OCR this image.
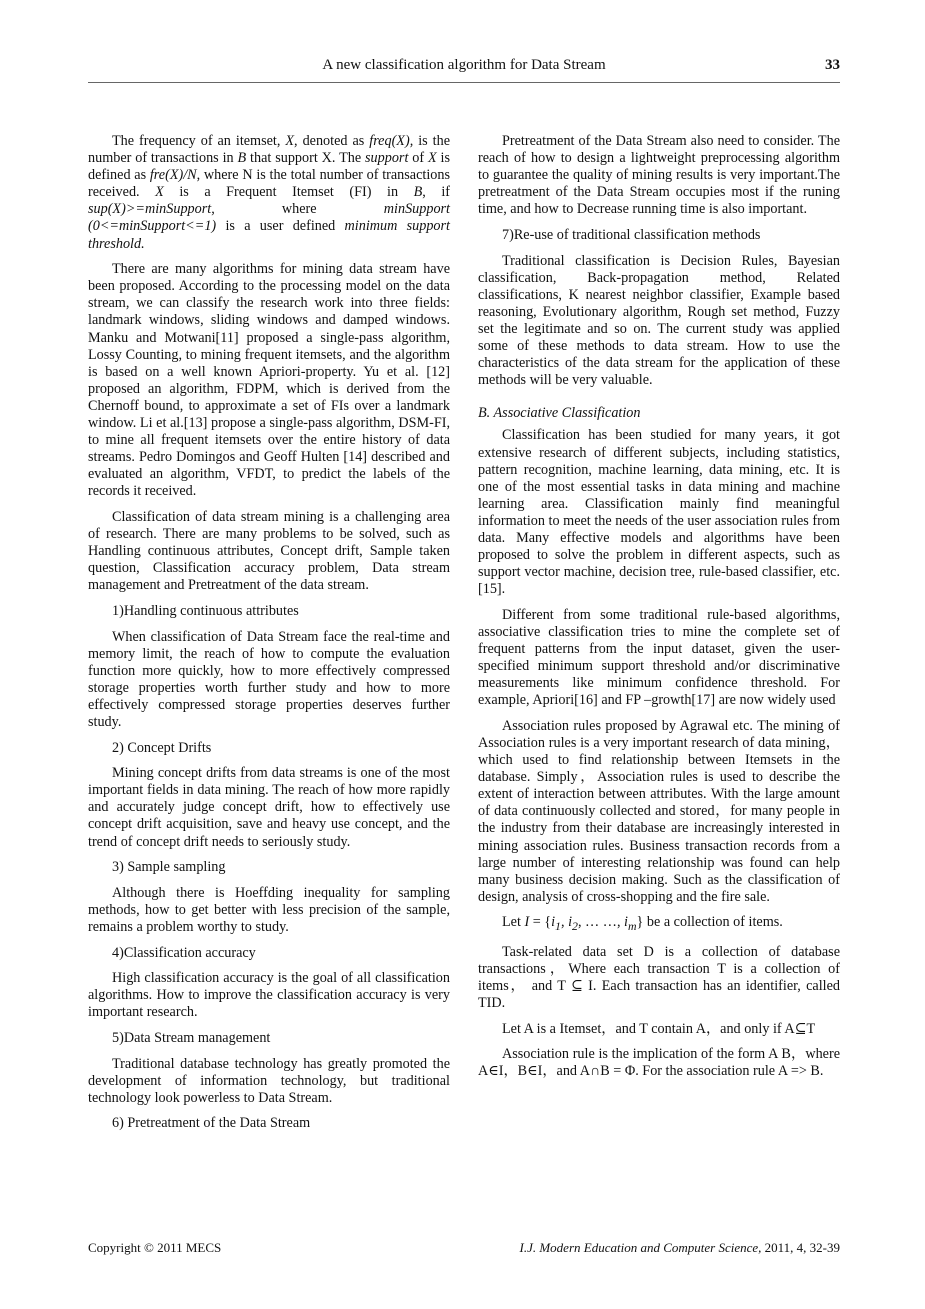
A new classification algorithm for Data Stream	33

The frequency of an itemset, X, denoted as freq(X), is the number of transactions in B that support X. The support of X is defined as fre(X)/N, where N is the total number of transactions received. X is a Frequent Itemset (FI) in B, if sup(X)>=minSupport, where minSupport (0<=minSupport<=1) is a user defined minimum support threshold.

There are many algorithms for mining data stream have been proposed. According to the processing model on the data stream, we can classify the research work into three fields: landmark windows, sliding windows and damped windows. Manku and Motwani[11] proposed a single-pass algorithm, Lossy Counting, to mining frequent itemsets, and the algorithm is based on a well known Apriori-property. Yu et al. [12] proposed an algorithm, FDPM, which is derived from the Chernoff bound, to approximate a set of FIs over a landmark window. Li et al.[13] propose a single-pass algorithm, DSM-FI, to mine all frequent itemsets over the entire history of data streams. Pedro Domingos and Geoff Hulten [14] described and evaluated an algorithm, VFDT, to predict the labels of the records it received.

Classification of data stream mining is a challenging area of research. There are many problems to be solved, such as Handling continuous attributes, Concept drift, Sample taken question, Classification accuracy problem, Data stream management and Pretreatment of the data stream.

1)Handling continuous attributes

When classification of Data Stream face the real-time and memory limit, the reach of how to compute the evaluation function more quickly, how to more effectively compressed storage properties worth further study and how to more effectively compressed storage properties deserves further study.

2) Concept Drifts

Mining concept drifts from data streams is one of the most important fields in data mining. The reach of how more rapidly and accurately judge concept drift, how to effectively use concept drift acquisition, save and heavy use concept, and the trend of concept drift needs to seriously study.

3) Sample sampling

Although there is Hoeffding inequality for sampling methods, how to get better with less precision of the sample, remains a problem worthy to study.

4)Classification accuracy

High classification accuracy is the goal of all classification algorithms. How to improve the classification accuracy is very important research.

5)Data Stream management

Traditional database technology has greatly promoted the development of information technology, but traditional technology look powerless to Data Stream.

6) Pretreatment of the Data Stream

Pretreatment of the Data Stream also need to consider. The reach of how to design a lightweight preprocessing algorithm to guarantee the quality of mining results is very important.The pretreatment of the Data Stream occupies most if the runing time, and how to Decrease running time is also important.

7)Re-use of traditional classification methods

Traditional classification is Decision Rules, Bayesian classification, Back-propagation method, Related classifications, K nearest neighbor classifier, Example based reasoning, Evolutionary algorithm, Rough set method, Fuzzy set the legitimate and so on. The current study was applied some of these methods to data stream. How to use the characteristics of the data stream for the application of these methods will be very valuable.

B. Associative Classification

Classification has been studied for many years, it got extensive research of different subjects, including statistics, pattern recognition, machine learning, data mining, etc. It is one of the most essential tasks in data mining and machine learning area. Classification mainly find meaningful information to meet the needs of the user association rules from data. Many effective models and algorithms have been proposed to solve the problem in different aspects, such as support vector machine, decision tree, rule-based classifier, etc.[15].

Different from some traditional rule-based algorithms, associative classification tries to mine the complete set of frequent patterns from the input dataset, given the user-specified minimum support threshold and/or discriminative measurements like minimum confidence threshold. For example, Apriori[16] and FP –growth[17] are now widely used

Association rules proposed by Agrawal etc. The mining of Association rules is a very important research of data mining，which used to find relationship between Itemsets in the database. Simply，Association rules is used to describe the extent of interaction between attributes. With the large amount of data continuously collected and stored，for many people in the industry from their database are increasingly interested in mining association rules. Business transaction records from a large number of interesting relationship was found can help many business decision making. Such as the classification of design, analysis of cross-shopping and the fire sale.

Let $I = \{i_1$, $i_2$, … …, $i_m$} be a collection of items.

Task-related data set D is a collection of database transactions，Where each transaction T is a collection of items， and T ⊆ I. Each transaction has an identifier, called TID.

Let A is a Itemset，and T contain A，and only if A⊆T

Association rule is the implication of the form A B，where A∈I，B∈I，and A∩B = Φ. For the association rule A => B.

Copyright © 2011 MECS	I.J. Modern Education and Computer Science, 2011, 4, 32-39
